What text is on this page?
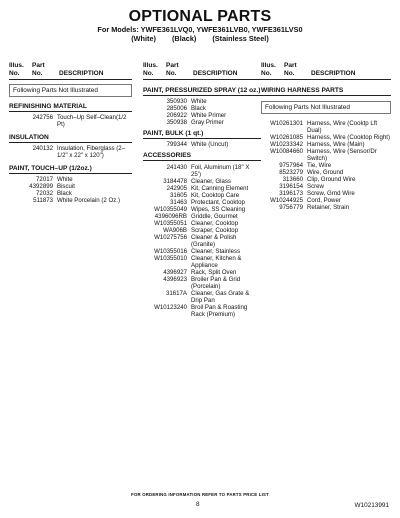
OPTIONAL PARTS
For Models: YWFE361LVQ0, YWFE361LVB0, YWFE361LVS0
(White) (Black) (Stainless Steel)
Illus.
No.
Part
No.	DESCRIPTION
Following Parts Not Illustrated
REFINISHING MATERIAL
242756 Touch–Up Self–Clean(1/2 Pt)
INSULATION
240132 Insulation, Fiberglass (2–1/2" x 22" x 120")
PAINT, TOUCH–UP (1/2oz.)
72017 White
4392899 Biscuit
72032 Black
511873 White Porcelain (2 Oz.)
Illus.
No.
Part
No.	DESCRIPTION
PAINT, PRESSURIZED SPRAY (12 oz.)
350930 White
285006 Black
206922 White Primer
350938 Gray Primer
PAINT, BULK (1 qt.)
799344 White (Uncut)
ACCESSORIES
241430 Foil, Aluminum (18" X 25')
3184478 Cleaner, Glass
242905 Kit, Canning Element
31605 Kit, Cooktop Care
31463 Protectant, Cooktop
W10355049 Wipes, SS Cleaning
4396096RB Griddle, Gourmet
W10355051 Cleaner, Cooktop
WA906B Scraper, Cooktop
W10275756 Cleaner & Polish (Granite)
W10355016 Cleaner, Stainless
W10355010 Cleaner, Kitchen & Appliance
4396927 Rack, Split Oven
4396923 Broiler Pan & Grid (Porcelain)
31617A Cleaner, Gas Grate & Drip Pan
W10123240 Broil Pan & Roasting Rack (Premium)
Illus.
No.
Part
No.	DESCRIPTION
WIRING HARNESS PARTS
Following Parts Not Illustrated
W10261301 Harness, Wire (Cooktp Lft Dual)
W10261085 Harness, Wire (Cooktop Right)
W10233342 Harness, Wire (Main)
W10084660 Harness, Wire (Sensor/Dr Switch)
9757964 Tie, Wire
8523279 Wire, Ground
313660 Clip, Ground Wire
3196154 Screw
3196173 Screw, Grnd Wire
W10244925 Cord, Power
9756779 Retainer, Strain
FOR ORDERING INFORMATION REFER TO PARTS PRICE LIST
8	W10213991
